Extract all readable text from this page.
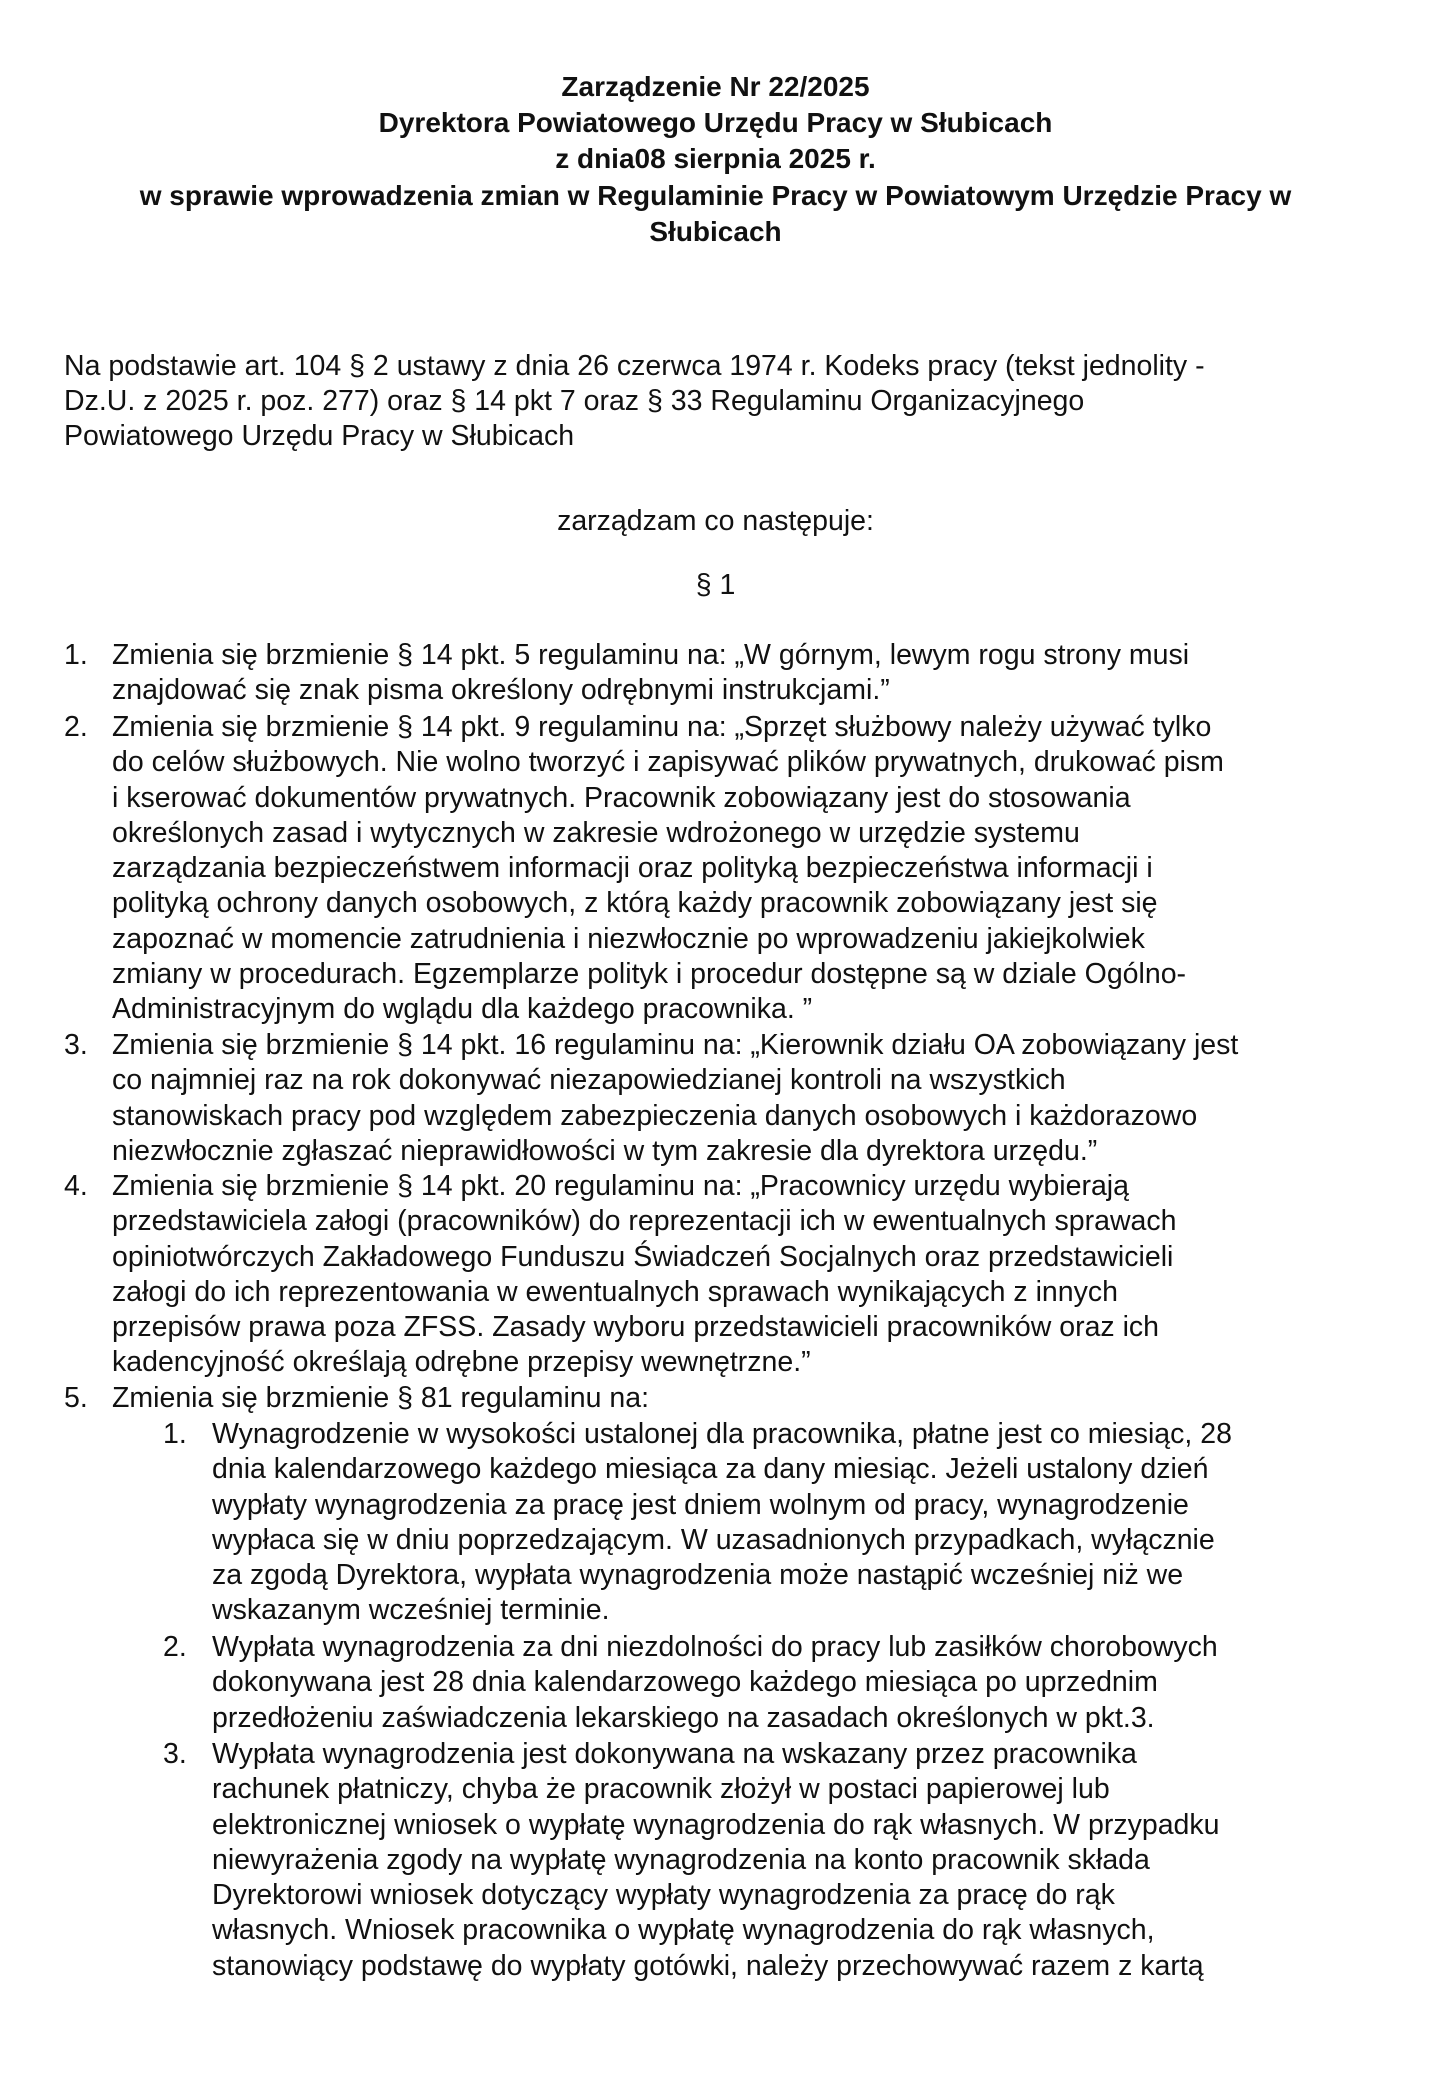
Zarządzenie Nr 22/2025
Dyrektora Powiatowego Urzędu Pracy w Słubicach
z dnia08 sierpnia 2025 r.
w sprawie wprowadzenia zmian w Regulaminie Pracy w Powiatowym Urzędzie Pracy w
Słubicach
Na podstawie art. 104 § 2 ustawy z dnia 26 czerwca 1974 r. Kodeks pracy (tekst jednolity -
Dz.U. z 2025 r. poz. 277) oraz § 14 pkt 7 oraz § 33 Regulaminu Organizacyjnego
Powiatowego Urzędu Pracy w Słubicach
zarządzam co następuje:
§ 1
1. Zmienia się brzmienie § 14 pkt. 5 regulaminu na: „W górnym, lewym rogu strony musi
znajdować się znak pisma określony odrębnymi instrukcjami.”
2. Zmienia się brzmienie § 14 pkt. 9 regulaminu na: „Sprzęt służbowy należy używać tylko
do celów służbowych. Nie wolno tworzyć i zapisywać plików prywatnych, drukować pism
i kserować dokumentów prywatnych. Pracownik zobowiązany jest do stosowania
określonych zasad i wytycznych w zakresie wdrożonego w urzędzie systemu
zarządzania bezpieczeństwem informacji oraz polityką bezpieczeństwa informacji i
polityką ochrony danych osobowych, z którą każdy pracownik zobowiązany jest się
zapoznać w momencie zatrudnienia i niezwłocznie po wprowadzeniu jakiejkolwiek
zmiany w procedurach. Egzemplarze polityk i procedur dostępne są w dziale Ogólno-
Administracyjnym do wglądu dla każdego pracownika. ”
3. Zmienia się brzmienie § 14 pkt. 16 regulaminu na: „Kierownik działu OA zobowiązany jest
co najmniej raz na rok dokonywać niezapowiedzianej kontroli na wszystkich
stanowiskach pracy pod względem zabezpieczenia danych osobowych i każdorazowo
niezwłocznie zgłaszać nieprawidłowości w tym zakresie dla dyrektora urzędu.”
4. Zmienia się brzmienie § 14 pkt. 20 regulaminu na: „Pracownicy urzędu wybierają
przedstawiciela załogi (pracowników) do reprezentacji ich w ewentualnych sprawach
opiniotwórczych Zakładowego Funduszu Świadczeń Socjalnych oraz przedstawicieli
załogi do ich reprezentowania w ewentualnych sprawach wynikających z innych
przepisów prawa poza ZFSS. Zasady wyboru przedstawicieli pracowników oraz ich
kadencyjność określają odrębne przepisy wewnętrzne.”
5. Zmienia się brzmienie § 81 regulaminu na:
1. Wynagrodzenie w wysokości ustalonej dla pracownika, płatne jest co miesiąc, 28
dnia kalendarzowego każdego miesiąca za dany miesiąc. Jeżeli ustalony dzień
wypłaty wynagrodzenia za pracę jest dniem wolnym od pracy, wynagrodzenie
wypłaca się w dniu poprzedzającym. W uzasadnionych przypadkach, wyłącznie
za zgodą Dyrektora, wypłata wynagrodzenia może nastąpić wcześniej niż we
wskazanym wcześniej terminie.
2. Wypłata wynagrodzenia za dni niezdolności do pracy lub zasiłków chorobowych
dokonywana jest 28 dnia kalendarzowego każdego miesiąca po uprzednim
przedłożeniu zaświadczenia lekarskiego na zasadach określonych w pkt.3.
3. Wypłata wynagrodzenia jest dokonywana na wskazany przez pracownika
rachunek płatniczy, chyba że pracownik złożył w postaci papierowej lub
elektronicznej wniosek o wypłatę wynagrodzenia do rąk własnych. W przypadku
niewyrażenia zgody na wypłatę wynagrodzenia na konto pracownik składa
Dyrektorowi wniosek dotyczący wypłaty wynagrodzenia za pracę do rąk
własnych. Wniosek pracownika o wypłatę wynagrodzenia do rąk własnych,
stanowiący podstawę do wypłaty gotówki, należy przechowywać razem z kartą
